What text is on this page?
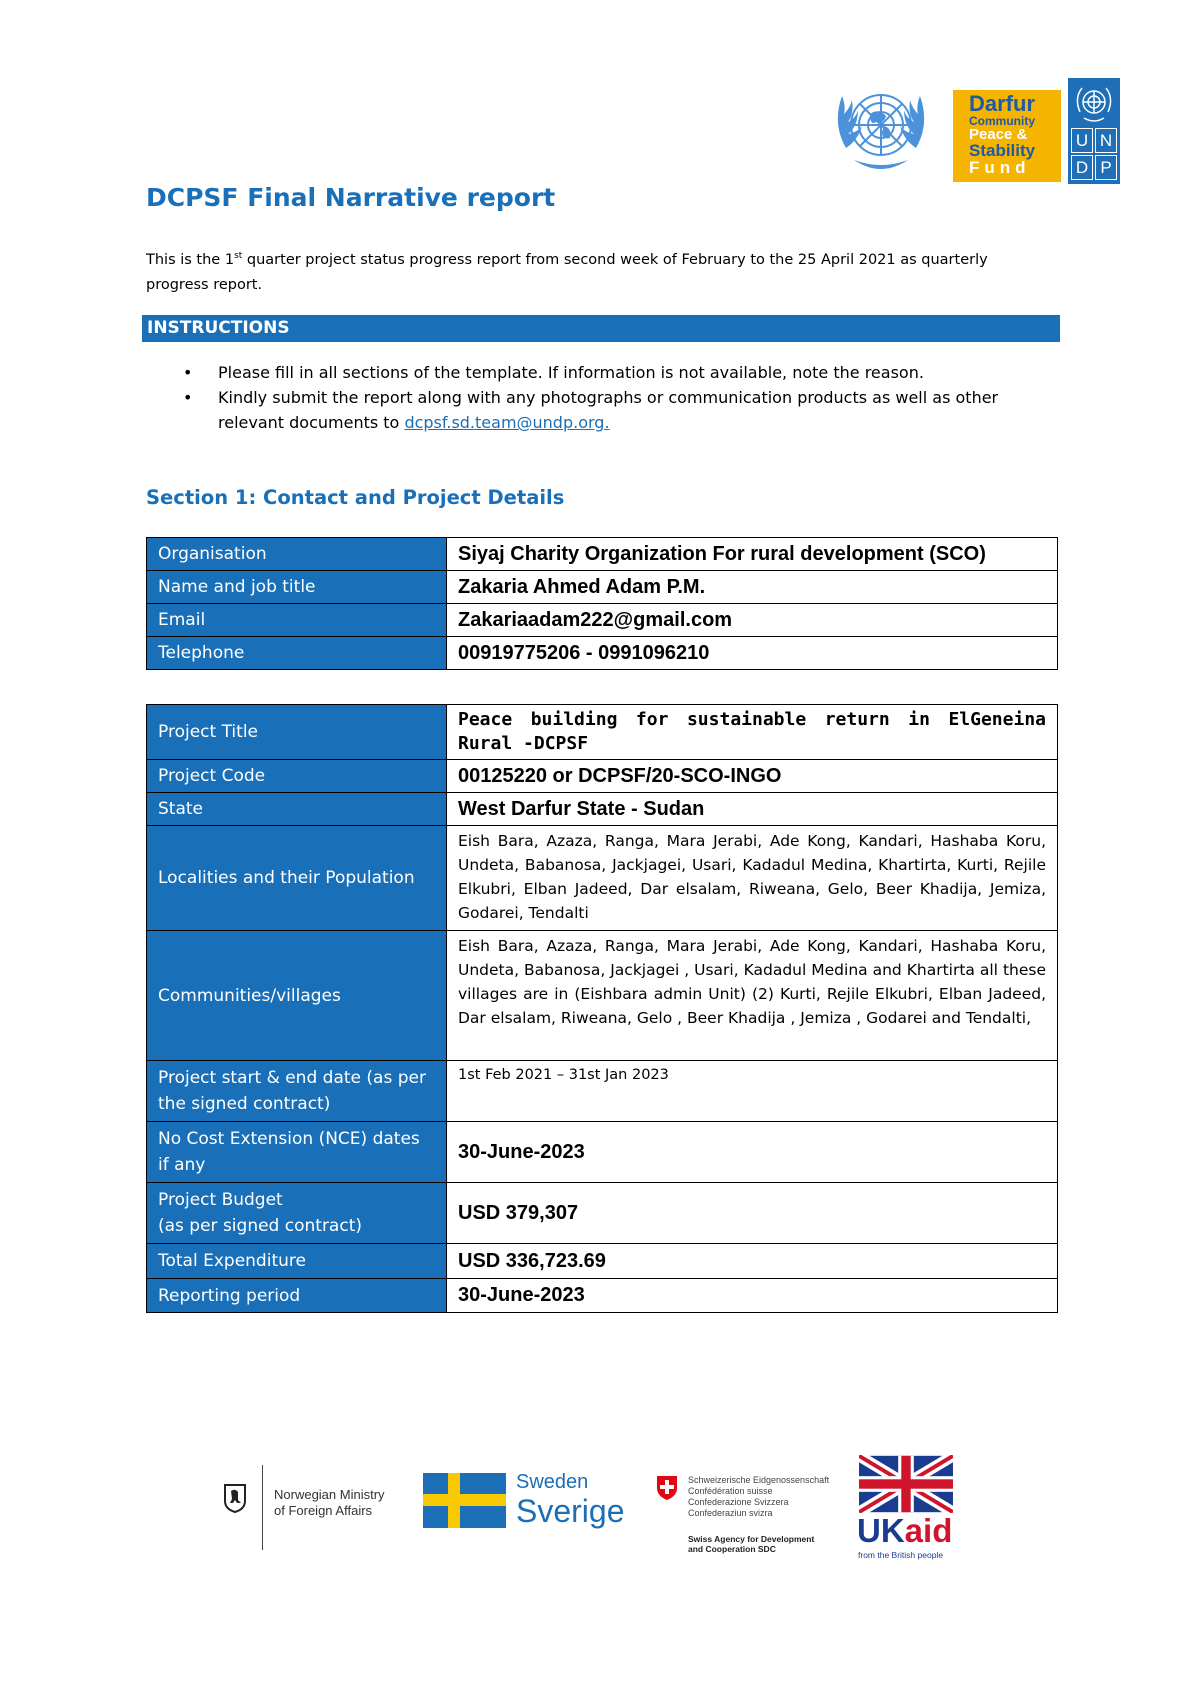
Darfur
Community
Peace &
Stability
Fund
U N
D P
DCPSF Final Narrative report
This is the 1st quarter project status progress report from second week of February to the 25 April 2021 as quarterly progress report.
INSTRUCTIONS
• Please fill in all sections of the template. If information is not available, note the reason.
• Kindly submit the report along with any photographs or communication products as well as other relevant documents to dcpsf.sd.team@undp.org.
Section 1: Contact and Project Details
Organisation	Siyaj Charity Organization For rural development (SCO)
Name and job title	Zakaria Ahmed Adam P.M.
Email	Zakariaadam222@gmail.com
Telephone	00919775206 - 0991096210
Project Title	Peace building for sustainable return in ElGeneina Rural -DCPSF
Project Code	00125220 or DCPSF/20-SCO-INGO
State	West Darfur State - Sudan
Localities and their Population	Eish Bara, Azaza, Ranga, Mara Jerabi, Ade Kong, Kandari, Hashaba Koru, Undeta, Babanosa, Jackjagei, Usari, Kadadul Medina, Khartirta, Kurti, Rejile Elkubri, Elban Jadeed, Dar elsalam, Riweana, Gelo, Beer Khadija, Jemiza, Godarei, Tendalti
Communities/villages	Eish Bara, Azaza, Ranga, Mara Jerabi, Ade Kong, Kandari, Hashaba Koru, Undeta, Babanosa, Jackjagei , Usari, Kadadul Medina and Khartirta all these villages are in (Eishbara admin Unit) (2) Kurti, Rejile Elkubri, Elban Jadeed, Dar elsalam, Riweana, Gelo , Beer Khadija , Jemiza , Godarei and Tendalti,
Project start & end date (as per the signed contract)	1st Feb 2021 – 31st Jan 2023
No Cost Extension (NCE) dates if any	30-June-2023
Project Budget
(as per signed contract)	USD 379,307
Total Expenditure	USD 336,723.69
Reporting period	30-June-2023
Norwegian Ministry
of Foreign Affairs
Sweden
Sverige
Schweizerische Eidgenossenschaft
Confédération suisse
Confederazione Svizzera
Confederaziun svizra
Swiss Agency for Development
and Cooperation SDC	UKaid
from the British people
